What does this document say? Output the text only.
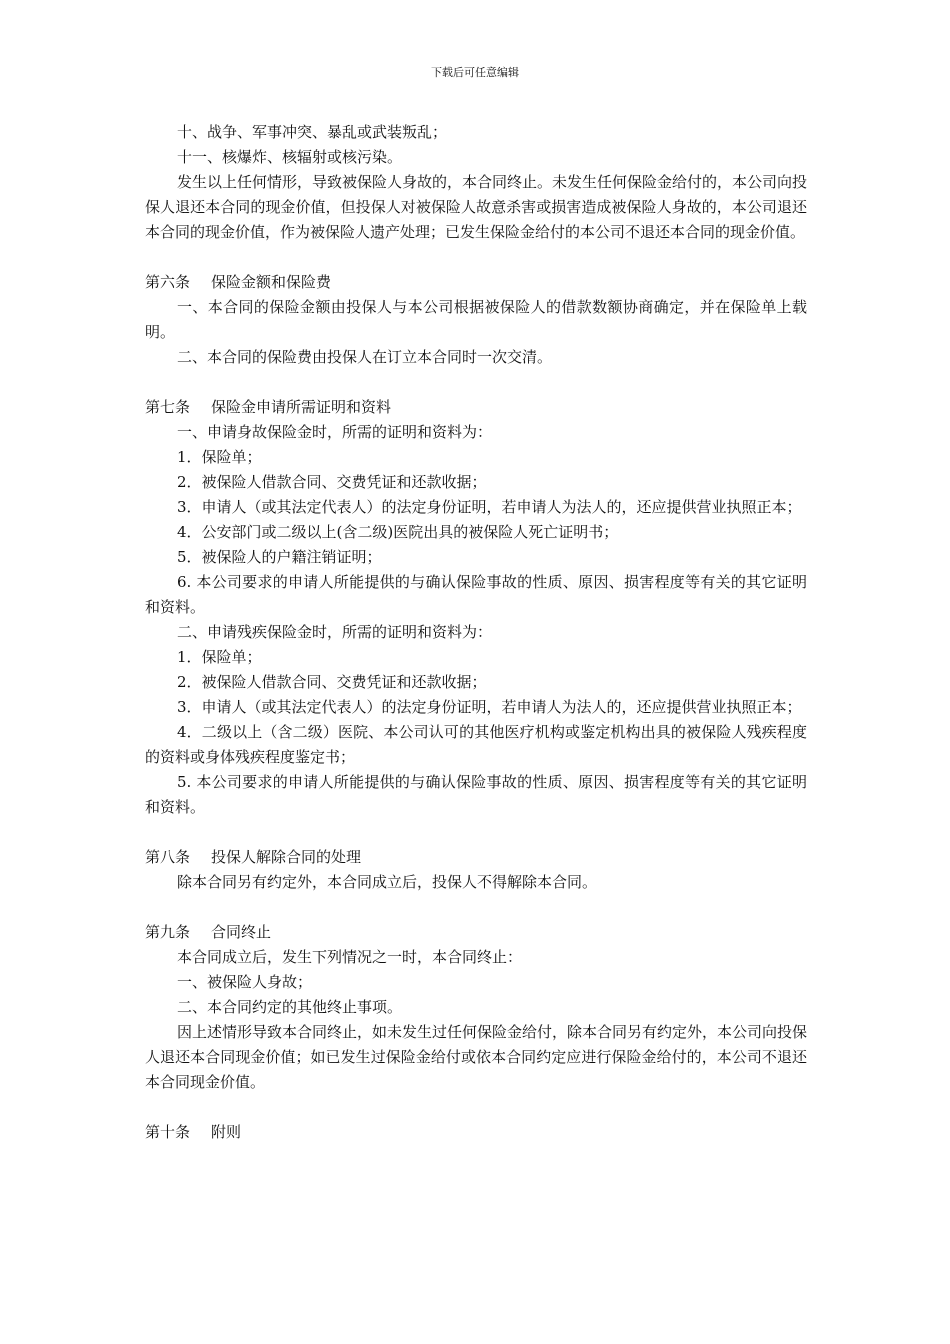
下载后可任意编辑

十、战争、军事冲突、暴乱或武装叛乱；

十一、核爆炸、核辐射或核污染。

发生以上任何情形，导致被保险人身故的，本合同终止。未发生任何保险金给付的，本公司向投保人退还本合同的现金价值，但投保人对被保险人故意杀害或损害造成被保险人身故的，本公司退还本合同的现金价值，作为被保险人遗产处理；已发生保险金给付的本公司不退还本合同的现金价值。

第六条 保险金额和保险费

一、本合同的保险金额由投保人与本公司根据被保险人的借款数额协商确定，并在保险单上载明。

二、本合同的保险费由投保人在订立本合同时一次交清。

第七条 保险金申请所需证明和资料

一、申请身故保险金时，所需的证明和资料为：

1．保险单；

2．被保险人借款合同、交费凭证和还款收据；

3．申请人（或其法定代表人）的法定身份证明，若申请人为法人的，还应提供营业执照正本；

4．公安部门或二级以上(含二级)医院出具的被保险人死亡证明书；

5．被保险人的户籍注销证明；

6. 本公司要求的申请人所能提供的与确认保险事故的性质、原因、损害程度等有关的其它证明和资料。

二、申请残疾保险金时，所需的证明和资料为：

1．保险单；

2．被保险人借款合同、交费凭证和还款收据；

3．申请人（或其法定代表人）的法定身份证明，若申请人为法人的，还应提供营业执照正本；

4．二级以上（含二级）医院、本公司认可的其他医疗机构或鉴定机构出具的被保险人残疾程度的资料或身体残疾程度鉴定书；

5. 本公司要求的申请人所能提供的与确认保险事故的性质、原因、损害程度等有关的其它证明和资料。

第八条 投保人解除合同的处理

除本合同另有约定外，本合同成立后，投保人不得解除本合同。

第九条 合同终止

本合同成立后，发生下列情况之一时，本合同终止：

一、被保险人身故；

二、本合同约定的其他终止事项。

因上述情形导致本合同终止，如未发生过任何保险金给付，除本合同另有约定外，本公司向投保人退还本合同现金价值；如已发生过保险金给付或依本合同约定应进行保险金给付的，本公司不退还本合同现金价值。

第十条 附则
